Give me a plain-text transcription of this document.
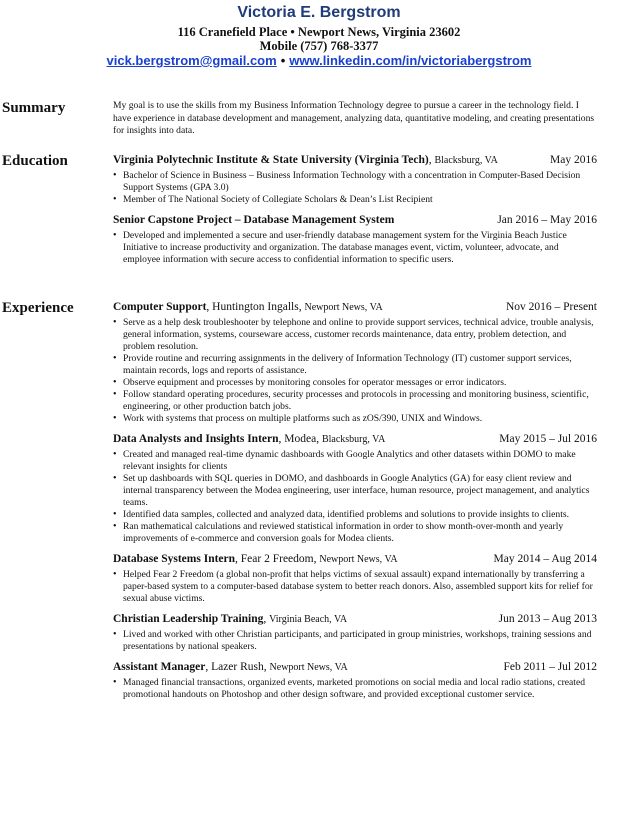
Victoria E. Bergstrom
116 Cranefield Place • Newport News, Virginia 23602
Mobile (757) 768-3377
vick.bergstrom@gmail.com • www.linkedin.com/in/victoriabergstrom
Summary	My goal is to use the skills from my Business Information Technology degree to pursue a career in the technology field. I have experience in database development and management, analyzing data, quantitative modeling, and creating presentations for insights into data.
Education	Virginia Polytechnic Institute & State University (Virginia Tech), Blacksburg, VA	May 2016
• Bachelor of Science in Business – Business Information Technology with a concentration in Computer-Based Decision Support Systems (GPA 3.0)
• Member of The National Society of Collegiate Scholars & Dean’s List Recipient
Senior Capstone Project – Database Management System	Jan 2016 – May 2016
• Developed and implemented a secure and user-friendly database management system for the Virginia Beach Justice Initiative to increase productivity and organization. The database manages event, victim, volunteer, advocate, and employee information with secure access to confidential information to specific users.
Experience	Computer Support, Huntington Ingalls, Newport News, VA	Nov 2016 – Present
• Serve as a help desk troubleshooter by telephone and online to provide support services, technical advice, trouble analysis, general information, systems, courseware access, customer records maintenance, data entry, problem detection, and problem resolution.
• Provide routine and recurring assignments in the delivery of Information Technology (IT) customer support services, maintain records, logs and reports of assistance.
• Observe equipment and processes by monitoring consoles for operator messages or error indicators.
• Follow standard operating procedures, security processes and protocols in processing and monitoring business, scientific, engineering, or other production batch jobs.
• Work with systems that process on multiple platforms such as zOS/390, UNIX and Windows.
Data Analysts and Insights Intern, Modea, Blacksburg, VA	May 2015 – Jul 2016
• Created and managed real-time dynamic dashboards with Google Analytics and other datasets within DOMO to make relevant insights for clients
• Set up dashboards with SQL queries in DOMO, and dashboards in Google Analytics (GA) for easy client review and internal transparency between the Modea engineering, user interface, human resource, project management, and analytics teams.
• Identified data samples, collected and analyzed data, identified problems and solutions to provide insights to clients.
• Ran mathematical calculations and reviewed statistical information in order to show month-over-month and yearly improvements of e-commerce and conversion goals for Modea clients.
Database Systems Intern, Fear 2 Freedom, Newport News, VA	May 2014 – Aug 2014
• Helped Fear 2 Freedom (a global non-profit that helps victims of sexual assault) expand internationally by transferring a paper-based system to a computer-based database system to better reach donors. Also, assembled support kits for relief for sexual abuse victims.
Christian Leadership Training, Virginia Beach, VA	Jun 2013 – Aug 2013
• Lived and worked with other Christian participants, and participated in group ministries, workshops, training sessions and presentations by national speakers.
Assistant Manager, Lazer Rush, Newport News, VA	Feb 2011 – Jul 2012
• Managed financial transactions, organized events, marketed promotions on social media and local radio stations, created promotional handouts on Photoshop and other design software, and provided exceptional customer service.
